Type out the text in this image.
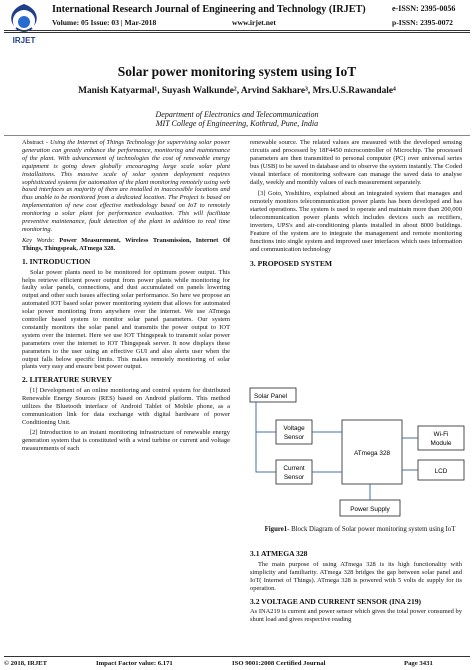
IRJET
International Research Journal of Engineering and Technology (IRJET)	e-ISSN: 2395-0056
Volume: 05 Issue: 03 | Mar-2018	www.irjet.net	p-ISSN: 2395-0072
Solar power monitoring system using IoT
Manish Katyarmal¹, Suyash Walkunde², Arvind Sakhare³, Mrs.U.S.Rawandale⁴
Department of Electronics and Telecommunication
MIT College of Engineering, Kothrud, Pune, India

Abstract - Using the Internet of Things Technology for supervising solar power generation can greatly enhance the performance, monitoring and maintenance of the plant. With advancement of technologies the cost of renewable energy equipment is going down globally encouraging large scale solar plant installations. This massive scale of solar system deployment requires sophisticated systems for automation of the plant monitoring remotely using web based interfaces as majority of them are installed in inaccessible locations and thus unable to be monitored from a dedicated location. The Project is based on implementation of new cost effective methodology based on IoT to remotely monitoring a solar plant for performance evaluation. This will facilitate preventive maintenance, fault detection of the plant in addition to real time monitoring.

Key Words: Power Measurement, Wireless Transmission, Internet Of Things, Thingspeak, ATmega 328.

1. INTRODUCTION

Solar power plants need to be monitored for optimum power output. This helps retrieve efficient power output from power plants while monitoring for faulty solar panels, connections, and dust accumulated on panels lowering output and other such issues affecting solar performance. So here we propose an automated IOT based solar power monitoring system that allows for automated solar power monitoring from anywhere over the internet. We use ATmega controller based system to monitor solar panel parameters. Our system constantly monitors the solar panel and transmits the power output to IOT system over the internet. Here we use IOT Thingspeak to transmit solar power parameters over the internet to IOT Thingspeak server. It now displays these parameters to the user using an effective GUI and also alerts user when the output falls below specific limits. This makes remotely monitoring of solar plants very easy and ensure best power output.

2. LITERATURE SURVEY

[1] Development of an online monitoring and control system for distributed Renewable Energy Sources (RES) based on Android platform. This method utilizes the Bluetooth interface of Android Tablet of Mobile phone, as a communication link for data exchange with digital hardware of power Conditioning Unit.

[2] Introduction to an instant monitoring infrastructure of renewable energy generation system that is constituted with a wind turbine or current and voltage measurements of each

renewable source. The related values are measured with the developed sensing circuits and processed by 18F4450 microcontroller of Microchip. The processed parameters are then transmitted to personal computer (PC) over universal series bus (USB) to be saved in database and to observe the system instantly. The Coded visual interface of monitoring software can manage the saved data to analyse daily, weekly and monthly values of each measurement separately.

[3] Goto, Yoshihiro, explained about an integrated system that manages and remotely monitors telecommunication power plants has been developed and has started operations. The system is used to operate and maintain more than 200,000 telecommunication power plants which includes devices such as rectifiers, inverters, UPS's and air-conditioning plants installed in about 8000 buildings. Feature of the system are to integrate the management and remote monitoring functions into single system and improved user interfaces which uses information and communication technology

3. PROPOSED SYSTEM
Solar Panel
Voltage
Sensor
Current
Sensor
ATmega 328
Wi-Fi
Module
LCD
Power Supply
Figure1- Block Diagram of Solar power monitoring system using IoT
3.1 ATMEGA 328

The main purpose of using ATmega 328 is its high functionality with simplicity and familiarity. ATmega 328 bridges the gap between solar panel and IoT( Internet of Things). ATmega 328 is powered with 5 volts dc supply for its operation.

3.2 VOLTAGE AND CURRENT SENSOR (INA 219)

As INA219 is current and power sensor which gives the total power consumed by shunt load and gives respective reading

© 2018, IRJET	Impact Factor value: 6.171	ISO 9001:2008 Certified Journal	Page 3431
